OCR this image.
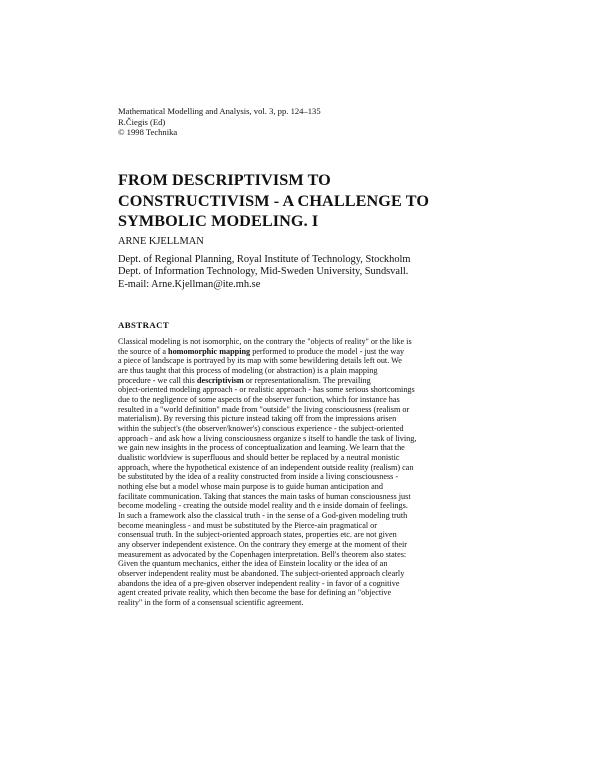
Mathematical Modelling and Analysis, vol. 3, pp. 124–135
R.Čiegis (Ed)
© 1998 Technika
FROM DESCRIPTIVISM TO
CONSTRUCTIVISM - A CHALLENGE TO
SYMBOLIC MODELING. I
ARNE KJELLMAN
Dept. of Regional Planning, Royal Institute of Technology, Stockholm
Dept. of Information Technology, Mid-Sweden University, Sundsvall.
E-mail: Arne.Kjellman@ite.mh.se
ABSTRACT
Classical modeling is not isomorphic, on the contrary the "objects of reality" or the like is
the source of a homomorphic mapping performed to produce the model - just the way
a piece of landscape is portrayed by its map with some bewildering details left out. We
are thus taught that this process of modeling (or abstraction) is a plain mapping
procedure - we call this descriptivism or representationalism. The prevailing
object-oriented modeling approach - or realistic approach - has some serious shortcomings
due to the negligence of some aspects of the observer function, which for instance has
resulted in a "world definition" made from "outside" the living consciousness (realism or
materialism). By reversing this picture instead taking off from the impressions arisen
within the subject's (the observer/knower's) conscious experience - the subject-oriented
approach - and ask how a living consciousness organize s itself to handle the task of living,
we gain new insights in the process of conceptualization and learning. We learn that the
dualistic worldview is superfluous and should better be replaced by a neutral monistic
approach, where the hypothetical existence of an independent outside reality (realism) can
be substituted by the idea of a reality constructed from inside a living consciousness -
nothing else but a model whose main purpose is to guide human anticipation and
facilitate communication. Taking that stances the main tasks of human consciousness just
become modeling - creating the outside model reality and th e inside domain of feelings.
In such a framework also the classical truth - in the sense of a God-given modeling truth
become meaningless - and must be substituted by the Pierce-ain pragmatical or
consensual truth. In the subject-oriented approach states, properties etc. are not given
any observer independent existence. On the contrary they emerge at the moment of their
measurement as advocated by the Copenhagen interpretation. Bell's theorem also states:
Given the quantum mechanics, either the idea of Einstein locality or the idea of an
observer independent reality must be abandoned. The subject-oriented approach clearly
abandons the idea of a pre-given observer independent reality - in favor of a cognitive
agent created private reality, which then become the base for defining an "objective
reality" in the form of a consensual scientific agreement.
